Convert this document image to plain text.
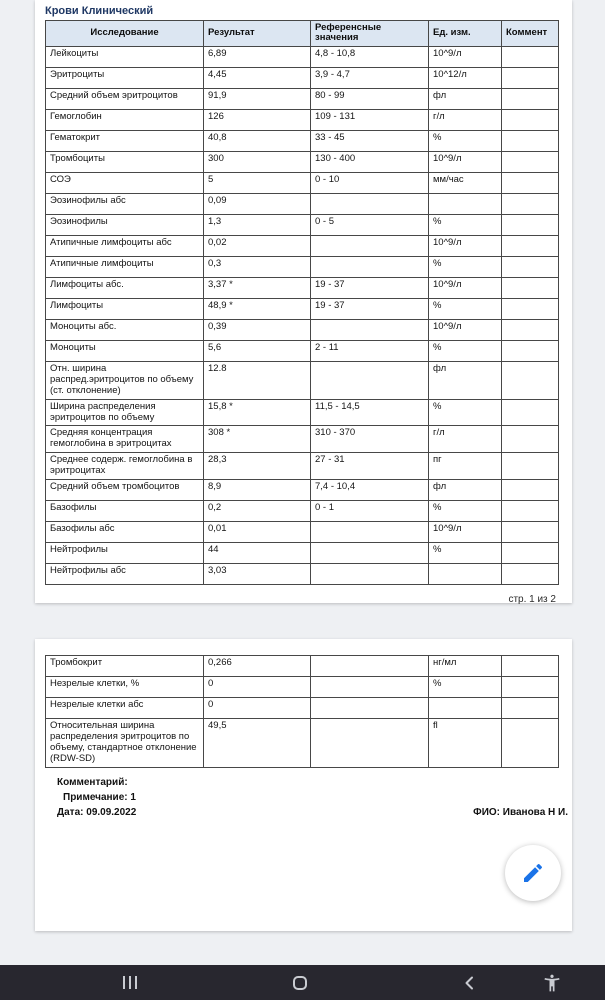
Крови Клинический
Исследование	Результат	Референсные значения	Ед. изм.	Коммент
Лейкоциты	6,89	4,8 - 10,8	10^9/л	
Эритроциты	4,45	3,9 - 4,7	10^12/л	
Средний объем эритроцитов	91,9	80 - 99	фл	
Гемоглобин	126	109 - 131	г/л	
Гематокрит	40,8	33 - 45	%	
Тромбоциты	300	130 - 400	10^9/л	
СОЭ	5	0 - 10	мм/час	
Эозинофилы абс	0,09			
Эозинофилы	1,3	0 - 5	%	
Атипичные лимфоциты абс	0,02		10^9/л	
Атипичные лимфоциты	0,3		%	
Лимфоциты абс.	3,37 *	19 - 37	10^9/л	
Лимфоциты	48,9 *	19 - 37	%	
Моноциты абс.	0,39		10^9/л	
Моноциты	5,6	2 - 11	%	
Отн. ширина распред.эритроцитов по объему (ст. отклонение)	12.8		фл	
Ширина распределения эритроцитов по объему	15,8 *	11,5 - 14,5	%	
Средняя концентрация гемоглобина в эритроцитах	308 *	310 - 370	г/л	
Среднее содерж. гемоглобина в эритроцитах	28,3	27 - 31	пг	
Средний объем тромбоцитов	8,9	7,4 - 10,4	фл	
Базофилы	0,2	0 - 1	%	
Базофилы абс	0,01		10^9/л	
Нейтрофилы	44		%	
Нейтрофилы абс	3,03			
стр. 1 из 2
Тромбокрит	0,266		нг/мл	
Незрелые клетки, %	0		%	
Незрелые клетки абс	0			
Относительная ширина распределения эритроцитов по объему, стандартное отклонение (RDW-SD)	49,5		fl	
Комментарий:
Примечание: 1
Дата: 09.09.2022	ФИО: Иванова Н И.
